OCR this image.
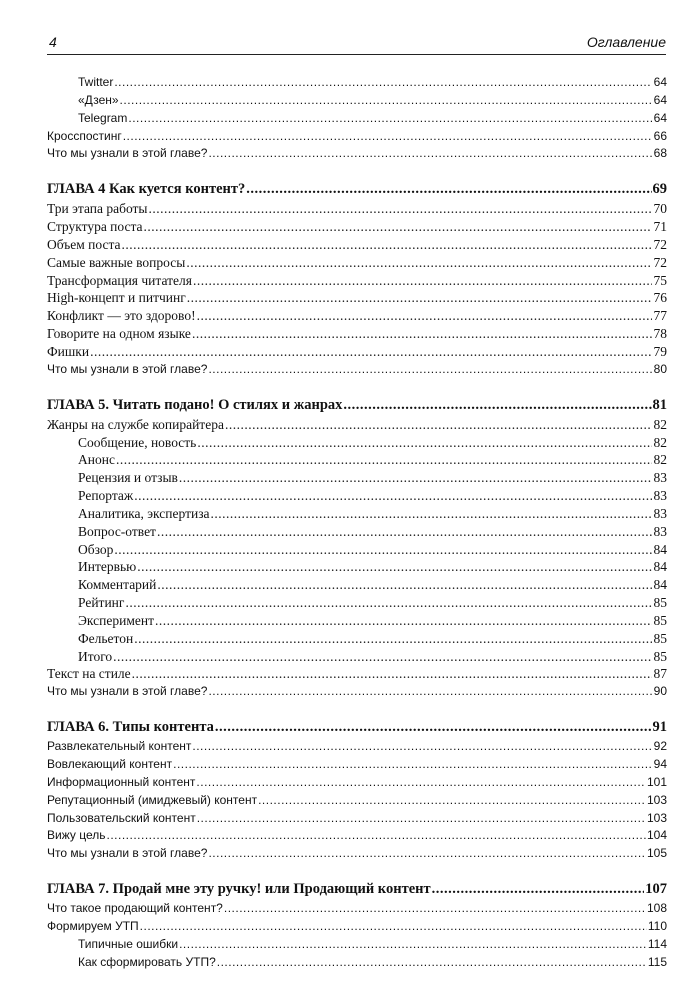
4	Оглавление
Twitter .....	64
«Дзен» .....	64
Telegram .....	64
Кросспостинг .....	66
Что мы узнали в этой главе? .....	68
ГЛАВА 4 Как куется контент? .....	69
Три этапа работы .....	70
Структура поста .....	71
Объем поста .....	72
Самые важные вопросы .....	72
Трансформация читателя .....	75
High-концепт и питчинг .....	76
Конфликт — это здорово! .....	77
Говорите на одном языке .....	78
Фишки .....	79
Что мы узнали в этой главе? .....	80
ГЛАВА 5. Читать подано! О стилях и жанрах .....	81
Жанры на службе копирайтера .....	82
Сообщение, новость .....	82
Анонс .....	82
Рецензия и отзыв .....	83
Репортаж .....	83
Аналитика, экспертиза .....	83
Вопрос-ответ .....	83
Обзор .....	84
Интервью .....	84
Комментарий .....	84
Рейтинг .....	85
Эксперимент .....	85
Фельетон .....	85
Итого .....	85
Текст на стиле .....	87
Что мы узнали в этой главе? .....	90
ГЛАВА 6. Типы контента .....	91
Развлекательный контент .....	92
Вовлекающий контент .....	94
Информационный контент .....	101
Репутационный (имиджевый) контент .....	103
Пользовательский контент .....	103
Вижу цель .....	104
Что мы узнали в этой главе? .....	105
ГЛАВА 7. Продай мне эту ручку! или Продающий контент .....	107
Что такое продающий контент? .....	108
Формируем УТП .....	110
Типичные ошибки .....	114
Как сформировать УТП? .....	115
